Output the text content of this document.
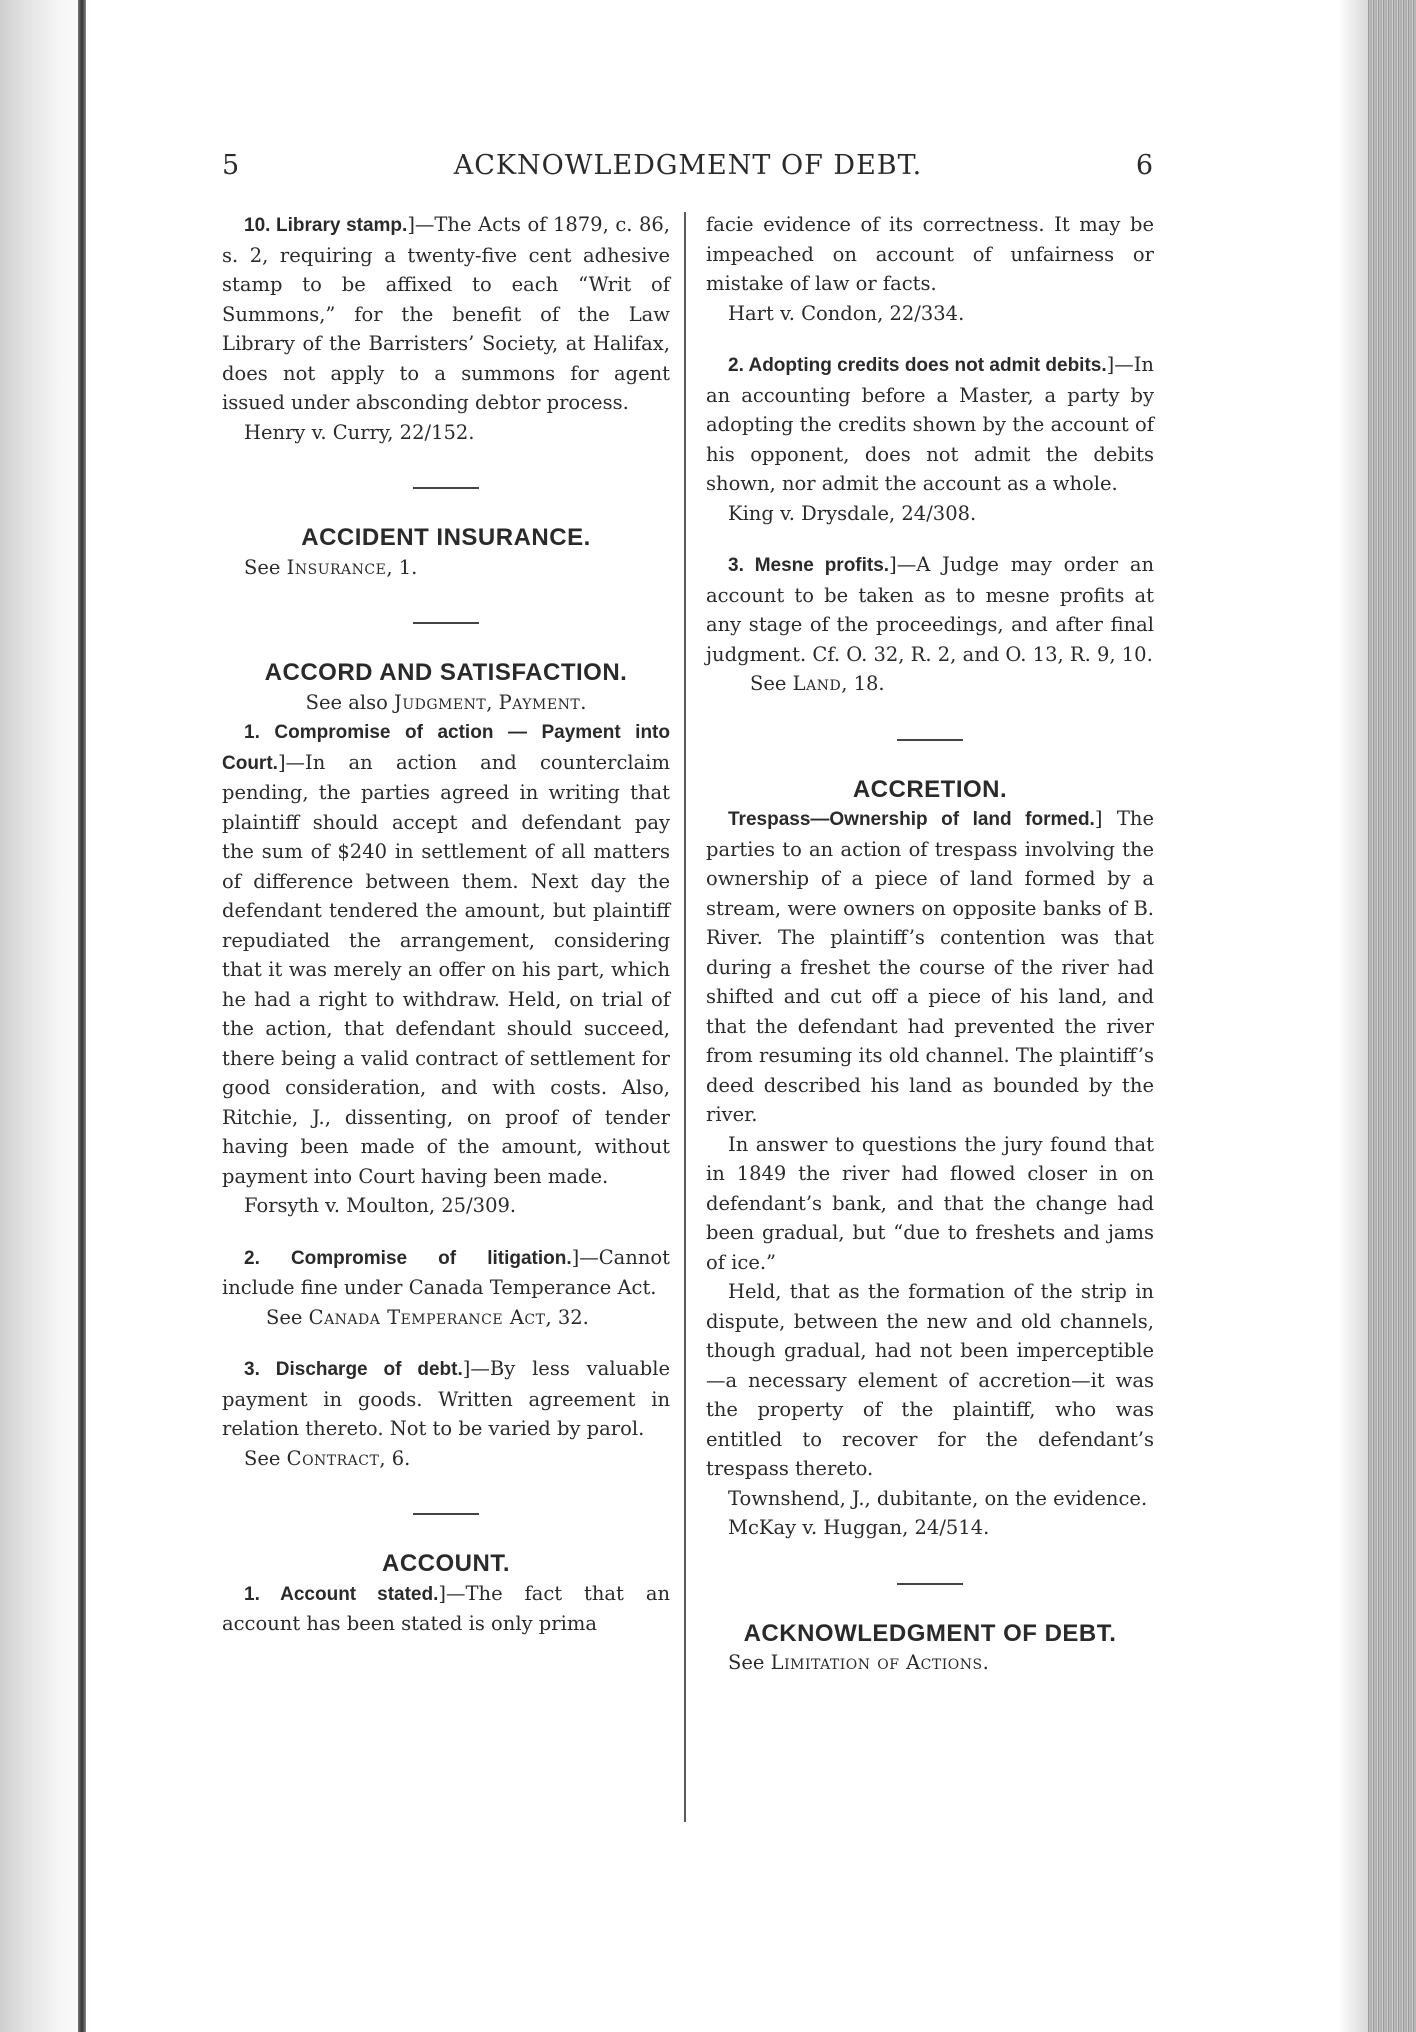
5	ACKNOWLEDGMENT OF DEBT.	6

10. Library stamp.]—The Acts of 1879, c. 86, s. 2, requiring a twenty-five cent adhesive stamp to be affixed to each “Writ of Summons,” for the benefit of the Law Library of the Barristers’ Society, at Halifax, does not apply to a summons for agent issued under absconding debtor process.

Henry v. Curry, 22/152.

ACCIDENT INSURANCE.

See Insurance, 1.

ACCORD AND SATISFACTION.

See also Judgment, Payment.

1. Compromise of action — Payment into Court.]—In an action and counterclaim pending, the parties agreed in writing that plaintiff should accept and defendant pay the sum of $240 in settlement of all matters of difference between them. Next day the defendant tendered the amount, but plaintiff repudiated the arrangement, considering that it was merely an offer on his part, which he had a right to withdraw. Held, on trial of the action, that defendant should succeed, there being a valid contract of settlement for good consideration, and with costs. Also, Ritchie, J., dissenting, on proof of tender having been made of the amount, without payment into Court having been made.

Forsyth v. Moulton, 25/309.

2. Compromise of litigation.]—Cannot include fine under Canada Temperance Act.

See Canada Temperance Act, 32.

3. Discharge of debt.]—By less valuable payment in goods. Written agreement in relation thereto. Not to be varied by parol.

See Contract, 6.

ACCOUNT.

1. Account stated.]—The fact that an account has been stated is only prima

facie evidence of its correctness. It may be impeached on account of unfairness or mistake of law or facts.

Hart v. Condon, 22/334.

2. Adopting credits does not admit debits.]—In an accounting before a Master, a party by adopting the credits shown by the account of his opponent, does not admit the debits shown, nor admit the account as a whole.

King v. Drysdale, 24/308.

3. Mesne profits.]—A Judge may order an account to be taken as to mesne profits at any stage of the proceedings, and after final judgment. Cf. O. 32, R. 2, and O. 13, R. 9, 10.

See Land, 18.

ACCRETION.

Trespass—Ownership of land formed.] The parties to an action of trespass involving the ownership of a piece of land formed by a stream, were owners on opposite banks of B. River. The plaintiff’s contention was that during a freshet the course of the river had shifted and cut off a piece of his land, and that the defendant had prevented the river from resuming its old channel. The plaintiff’s deed described his land as bounded by the river.

In answer to questions the jury found that in 1849 the river had flowed closer in on defendant’s bank, and that the change had been gradual, but “due to freshets and jams of ice.”

Held, that as the formation of the strip in dispute, between the new and old channels, though gradual, had not been imperceptible—a necessary element of accretion—it was the property of the plaintiff, who was entitled to recover for the defendant’s trespass thereto.

Townshend, J., dubitante, on the evidence.

McKay v. Huggan, 24/514.

ACKNOWLEDGMENT OF DEBT.

See Limitation of Actions.
